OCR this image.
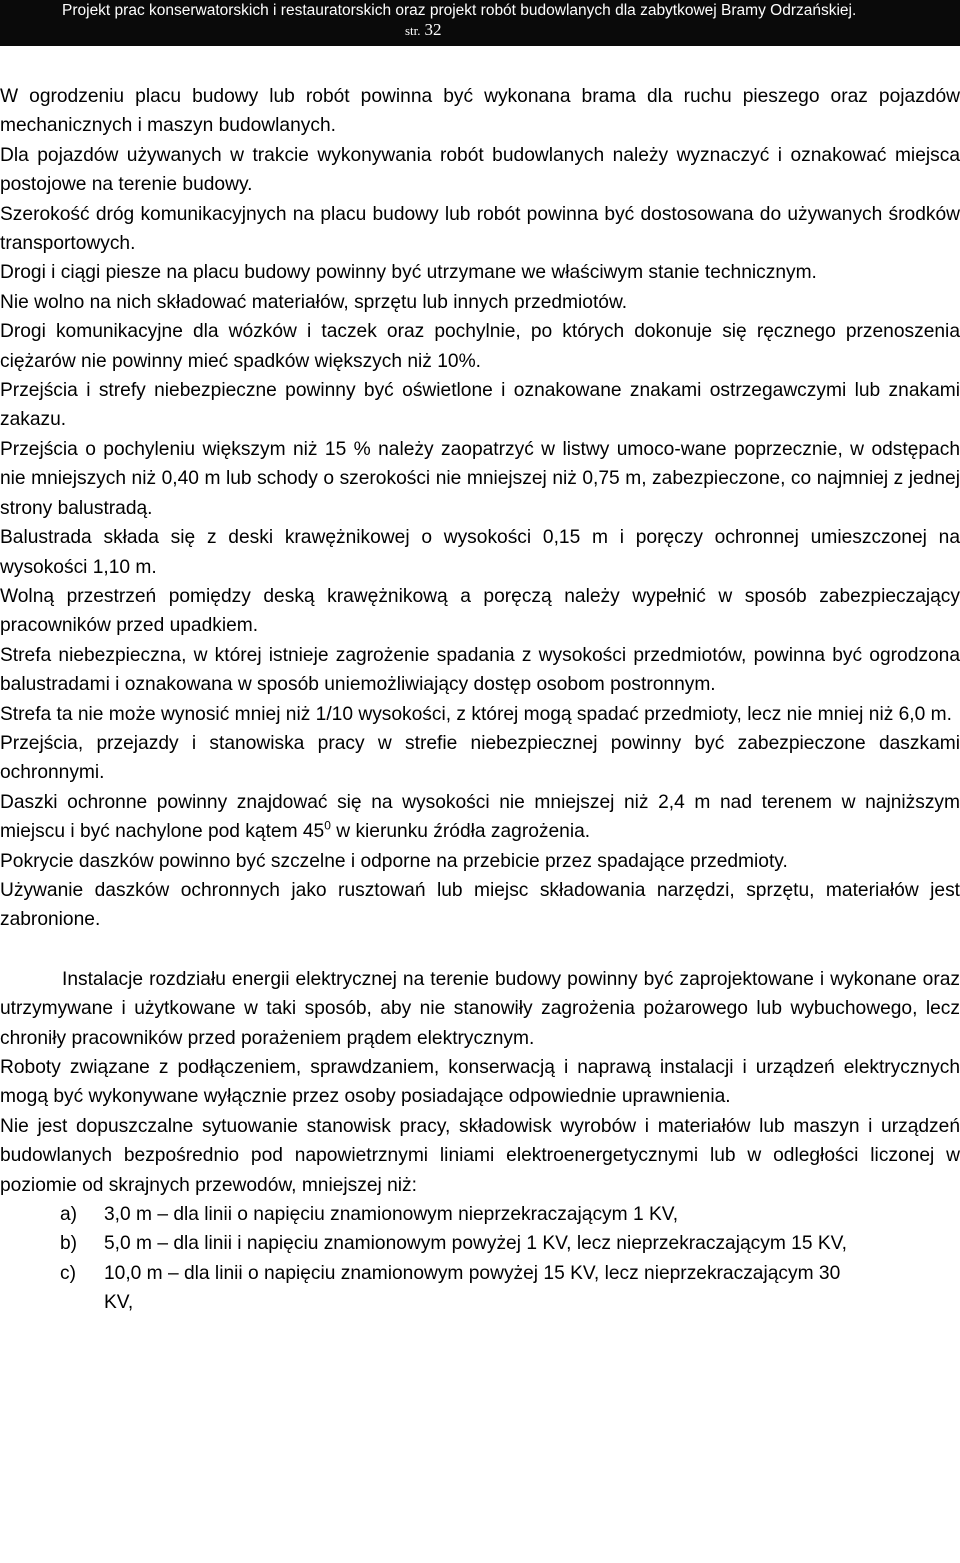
Projekt prac konserwatorskich i restauratorskich oraz projekt robót budowlanych dla zabytkowej Bramy Odrzańskiej.
str. 32

W ogrodzeniu placu budowy lub robót powinna być wykonana brama dla ruchu pieszego oraz pojazdów mechanicznych i maszyn budowlanych.

Dla pojazdów używanych w trakcie wykonywania robót budowlanych należy wyznaczyć i oznakować miejsca postojowe na terenie budowy.

Szerokość dróg komunikacyjnych na placu budowy lub robót powinna być dostosowana do używanych środków transportowych.

Drogi i ciągi piesze na placu budowy powinny być utrzymane we właściwym stanie technicznym.

Nie wolno na nich składować materiałów, sprzętu lub innych przedmiotów.

Drogi komunikacyjne dla wózków i taczek oraz pochylnie, po których dokonuje się ręcznego przenoszenia ciężarów nie powinny mieć spadków większych niż 10%.

Przejścia i strefy niebezpieczne powinny być oświetlone i oznakowane znakami ostrzegawczymi lub znakami zakazu.

Przejścia o pochyleniu większym niż 15 % należy zaopatrzyć w listwy umoco-wane poprzecznie, w odstępach nie mniejszych niż 0,40 m lub schody o szerokości nie mniejszej niż 0,75 m, zabezpieczone, co najmniej z jednej strony balustradą.

Balustrada składa się z deski krawężnikowej o wysokości 0,15 m i poręczy ochronnej umieszczonej na wysokości 1,10 m.

Wolną przestrzeń pomiędzy deską krawężnikową a poręczą należy wypełnić w sposób zabezpieczający pracowników przed upadkiem.

Strefa niebezpieczna, w której istnieje zagrożenie spadania z wysokości przedmiotów, powinna być ogrodzona balustradami i oznakowana w sposób uniemożliwiający dostęp osobom postronnym.

Strefa ta nie może wynosić mniej niż 1/10 wysokości, z której mogą spadać przedmioty, lecz nie mniej niż 6,0 m.

Przejścia, przejazdy i stanowiska pracy w strefie niebezpiecznej powinny być zabezpieczone daszkami ochronnymi.

Daszki ochronne powinny znajdować się na wysokości nie mniejszej niż 2,4 m nad terenem w najniższym miejscu i być nachylone pod kątem $45^0$ w kierunku źródła zagrożenia.

Pokrycie daszków powinno być szczelne i odporne na przebicie przez spadające przedmioty.

Używanie daszków ochronnych jako rusztowań lub miejsc składowania narzędzi, sprzętu, materiałów jest zabronione.

Instalacje rozdziału energii elektrycznej na terenie budowy powinny być zaprojektowane i wykonane oraz utrzymywane i użytkowane w taki sposób, aby nie stanowiły zagrożenia pożarowego lub wybuchowego, lecz chroniły pracowników przed porażeniem prądem elektrycznym.

Roboty związane z podłączeniem, sprawdzaniem, konserwacją i naprawą instalacji i urządzeń elektrycznych mogą być wykonywane wyłącznie przez osoby posiadające odpowiednie uprawnienia.

Nie jest dopuszczalne sytuowanie stanowisk pracy, składowisk wyrobów i materiałów lub maszyn i urządzeń budowlanych bezpośrednio pod napowietrznymi liniami elektroenergetycznymi lub w odległości liczonej w poziomie od skrajnych przewodów, mniejszej niż:

a)	3,0 m – dla linii o napięciu znamionowym nieprzekraczającym 1 KV,
b)	5,0 m – dla linii i napięciu znamionowym powyżej 1 KV, lecz nieprzekraczającym 15 KV,
c)	10,0 m – dla linii o napięciu znamionowym powyżej 15 KV, lecz nieprzekraczającym 30 KV,
